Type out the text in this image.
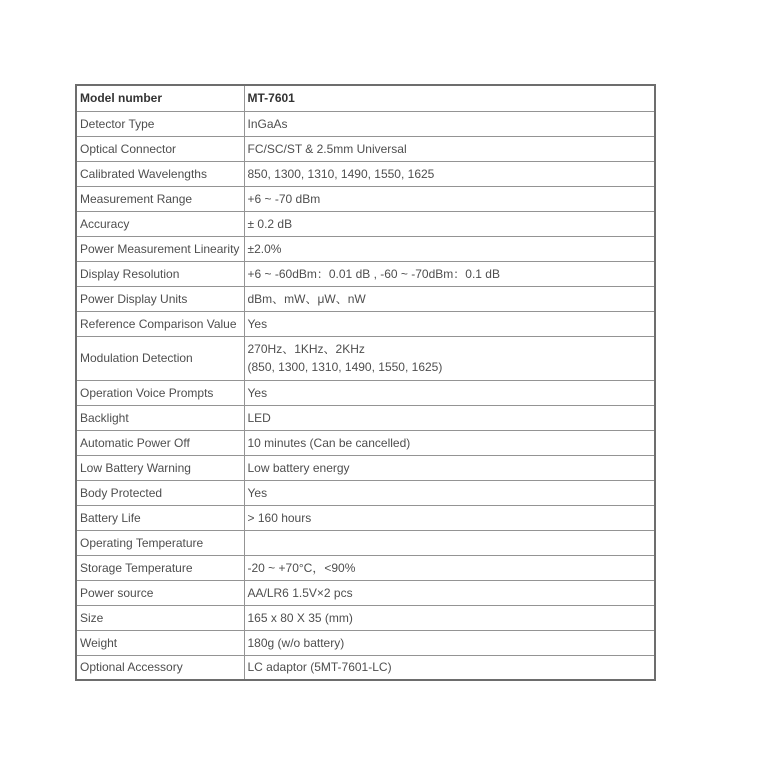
Model number	MT-7601
Detector Type	InGaAs

Optical Connector	FC/SC/ST & 2.5mm Universal

Calibrated Wavelengths	850, 1300, 1310, 1490, 1550, 1625

Measurement Range	+6 ~ -70 dBm

Accuracy	± 0.2 dB

Power Measurement Linearity	±2.0%

Display Resolution	+6 ~ -60dBm：0.01 dB , -60 ~ -70dBm：0.1 dB

Power Display Units	dBm、mW、μW、nW

Reference Comparison Value	Yes

Modulation Detection	270Hz、1KHz、2KHz
(850, 1300, 1310, 1490, 1550, 1625)

Operation Voice Prompts	Yes

Backlight	LED

Automatic Power Off	10 minutes (Can be cancelled)

Low Battery Warning	Low battery energy

Body Protected	Yes

Battery Life	> 160 hours

Operating Temperature	

Storage Temperature	-20 ~ +70°C，<90%

Power source	AA/LR6 1.5V×2 pcs

Size	165 x 80 X 35 (mm)

Weight	180g (w/o battery)

Optional Accessory	LC adaptor (5MT-7601-LC)
